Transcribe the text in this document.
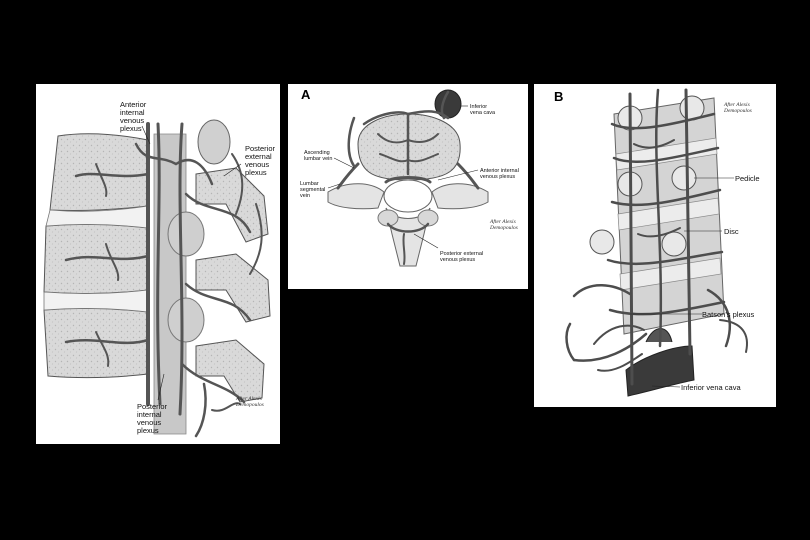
Anterior
internal
venous
plexus
Posterior
external
venous
plexus
Posterior
internal
venous
plexus
After Alexis
Demopoulos
A
Inferior
vena cava
Ascending
lumbar vein
Lumbar
segmental
vein
Anterior internal
venous plexus
Posterior external
venous plexus
After Alexis
Demopoulos
B
Pedicle
Disc
Batson's plexus
Inferior vena cava
After Alexis
Demopoulos
